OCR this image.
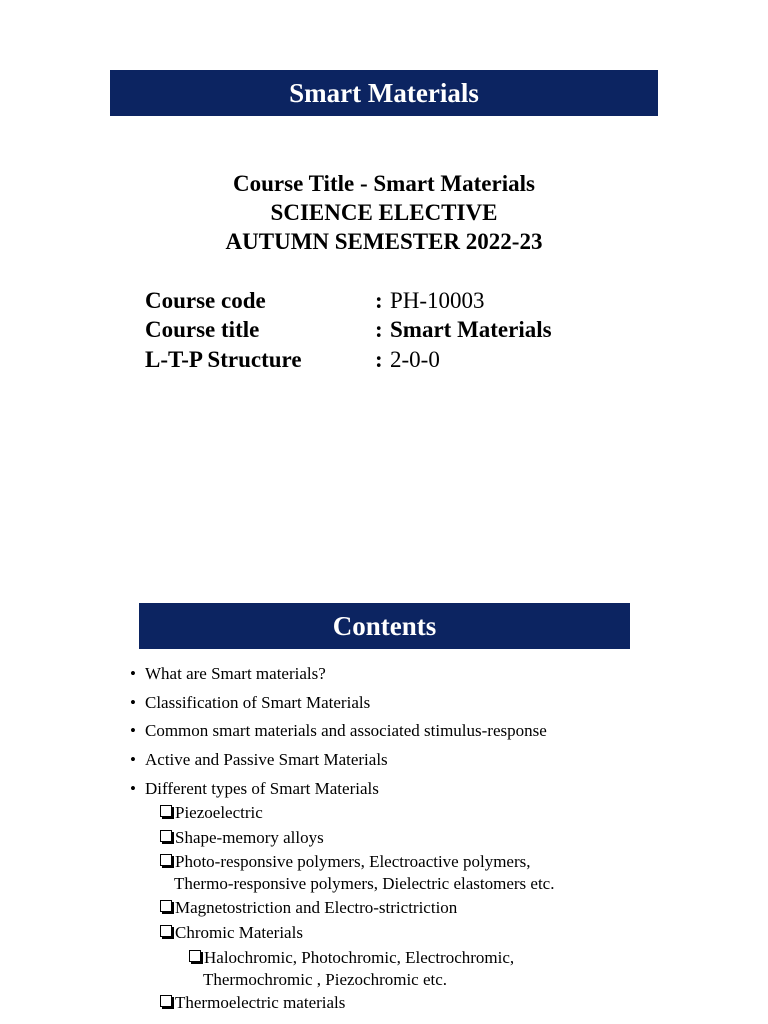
Smart Materials
Course Title - Smart Materials
SCIENCE ELECTIVE
AUTUMN SEMESTER 2022-23
Course code	: PH-10003
Course title	: Smart Materials
L-T-P Structure	: 2-0-0
Contents
• What are Smart materials?
• Classification of Smart Materials
• Common smart materials and associated stimulus-response
• Active and Passive Smart Materials
• Different types of Smart Materials
Piezoelectric
Shape-memory alloys
Photo-responsive polymers, Electroactive polymers,
Thermo-responsive polymers, Dielectric elastomers etc.
Magnetostriction and Electro-strictriction
Chromic Materials
Halochromic, Photochromic, Electrochromic,
Thermochromic , Piezochromic etc.
Thermoelectric materials
